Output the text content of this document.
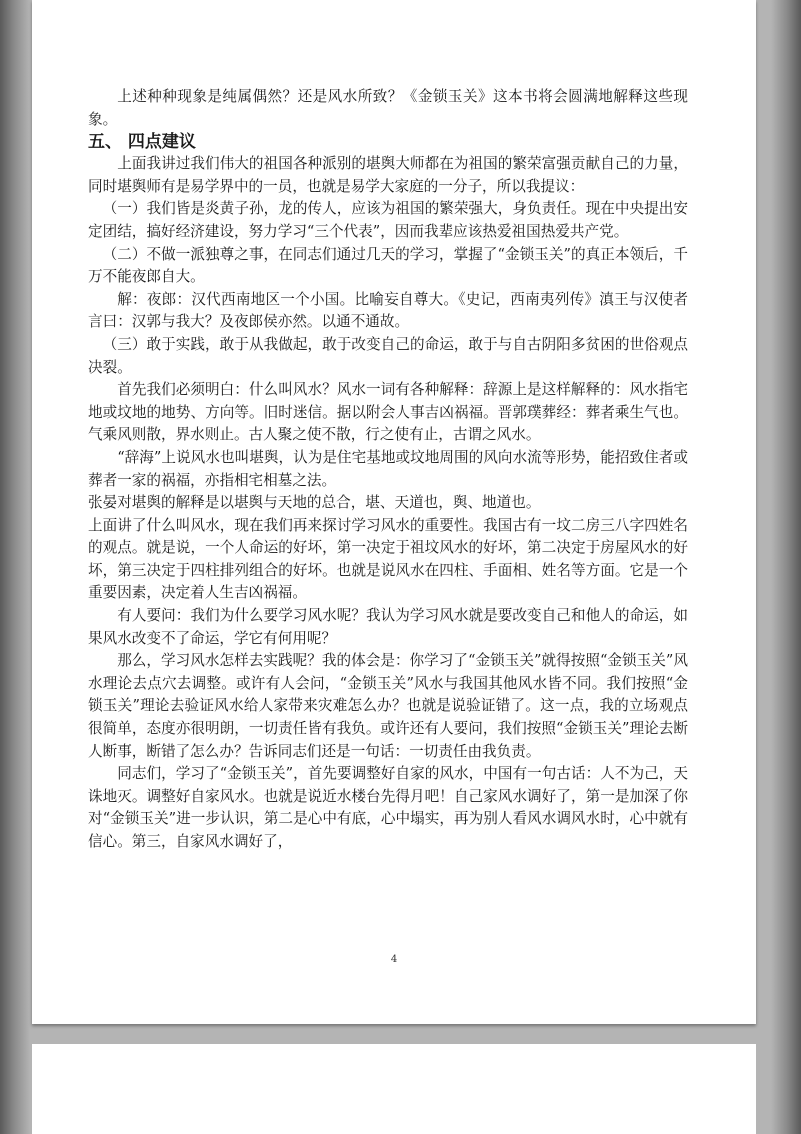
上述种种现象是纯属偶然？还是风水所致？《金锁玉关》这本书将会圆满地解释这些现象。

五、 四点建议

上面我讲过我们伟大的祖国各种派别的堪舆大师都在为祖国的繁荣富强贡献自己的力量，同时堪舆师有是易学界中的一员，也就是易学大家庭的一分子，所以我提议：

（一）我们皆是炎黄子孙，龙的传人，应该为祖国的繁荣强大，身负责任。现在中央提出安定团结，搞好经济建设，努力学习“三个代表”，因而我辈应该热爱祖国热爱共产党。

（二）不做一派独尊之事，在同志们通过几天的学习，掌握了“金锁玉关”的真正本领后，千万不能夜郎自大。

解：夜郎：汉代西南地区一个小国。比喻妄自尊大。《史记，西南夷列传》滇王与汉使者言曰：汉郭与我大？及夜郎侯亦然。以通不通故。

（三）敢于实践，敢于从我做起，敢于改变自己的命运，敢于与自古阴阳多贫困的世俗观点决裂。

首先我们必须明白：什么叫风水？风水一词有各种解释：辞源上是这样解释的：风水指宅地或坟地的地势、方向等。旧时迷信。据以附会人事吉凶祸福。晋郭璞葬经：葬者乘生气也。气乘风则散，界水则止。古人聚之使不散，行之使有止，古谓之风水。

“辞海”上说风水也叫堪舆，认为是住宅基地或坟地周围的风向水流等形势，能招致住者或葬者一家的祸福，亦指相宅相墓之法。

张晏对堪舆的解释是以堪舆与天地的总合，堪、天道也，舆、地道也。

上面讲了什么叫风水，现在我们再来探讨学习风水的重要性。我国古有一坟二房三八字四姓名的观点。就是说，一个人命运的好坏，第一决定于祖坟风水的好坏，第二决定于房屋风水的好坏，第三决定于四柱排列组合的好坏。也就是说风水在四柱、手面相、姓名等方面。它是一个重要因素，决定着人生吉凶祸福。

有人要问：我们为什么要学习风水呢？我认为学习风水就是要改变自己和他人的命运，如果风水改变不了命运，学它有何用呢？

那么，学习风水怎样去实践呢？我的体会是：你学习了“金锁玉关”就得按照“金锁玉关”风水理论去点穴去调整。或许有人会问，“金锁玉关”风水与我国其他风水皆不同。我们按照“金锁玉关”理论去验证风水给人家带来灾难怎么办？也就是说验证错了。这一点，我的立场观点很简单，态度亦很明朗，一切责任皆有我负。或许还有人要问，我们按照“金锁玉关”理论去断人断事，断错了怎么办？告诉同志们还是一句话：一切责任由我负责。

同志们，学习了“金锁玉关”，首先要调整好自家的风水，中国有一句古话：人不为己，天诛地灭。调整好自家风水。也就是说近水楼台先得月吧！自己家风水调好了，第一是加深了你对“金锁玉关”进一步认识，第二是心中有底，心中塌实，再为别人看风水调风水时，心中就有信心。第三，自家风水调好了，

4
